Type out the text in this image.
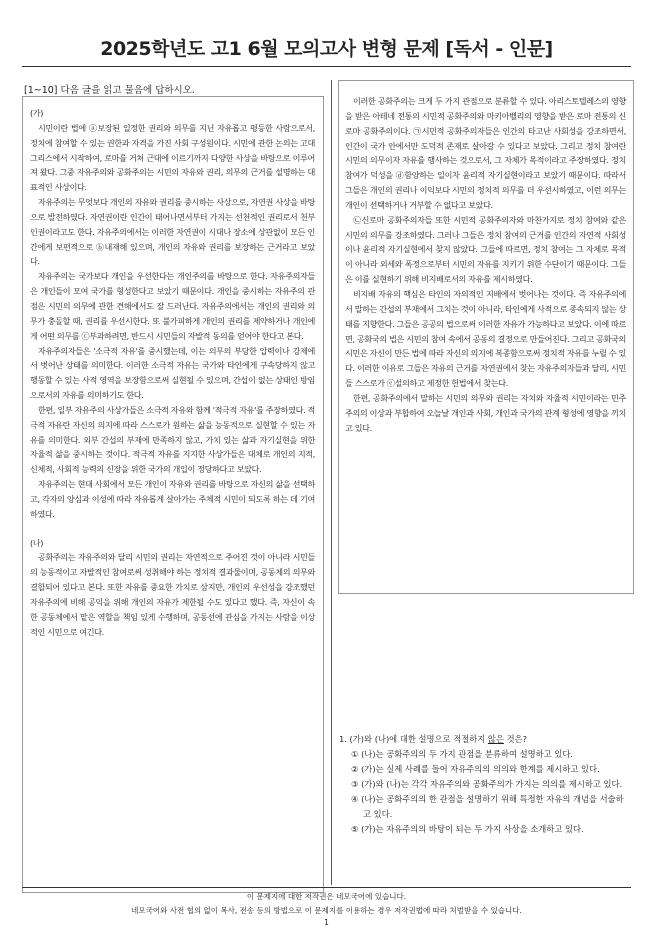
2025학년도 고1 6월 모의고사 변형 문제 [독서 - 인문]
[1~10] 다음 글을 읽고 물음에 답하시오.

(가)

시민이란 법에 ⓐ보장된 일정한 권리와 의무를 지닌 자유롭고 평등한 사람으로서, 정치에 참여할 수 있는 권한과 자격을 가진 사회 구성원이다. 시민에 관한 논의는 고대 그리스에서 시작하여, 로마를 거쳐 근대에 이르기까지 다양한 사상을 바탕으로 이루어져 왔다. 그중 자유주의와 공화주의는 시민의 자유와 권리, 의무의 근거를 설명하는 대표적인 사상이다.

자유주의는 무엇보다 개인의 자유와 권리를 중시하는 사상으로, 자연권 사상을 바탕으로 발전하였다. 자연권이란 인간이 태어나면서부터 가지는 선천적인 권리로서 천부인권이라고도 한다. 자유주의에서는 이러한 자연권이 시대나 장소에 상관없이 모든 인간에게 보편적으로 ⓑ내재해 있으며, 개인의 자유와 권리를 보장하는 근거라고 보았다.

자유주의는 국가보다 개인을 우선한다는 개인주의를 바탕으로 한다. 자유주의자들은 개인들이 모여 국가를 형성한다고 보았기 때문이다. 개인을 중시하는 자유주의 관점은 시민의 의무에 관한 견해에서도 잘 드러난다. 자유주의에서는 개인의 권리와 의무가 충돌할 때, 권리를 우선시한다. 또 불가피하게 개인의 권리를 제약하거나 개인에게 어떤 의무를 ⓒ부과하려면, 반드시 시민들의 자발적 동의를 얻어야 한다고 본다.

자유주의자들은 '소극적 자유'를 중시했는데, 이는 의무의 부당한 압력이나 강제에서 벗어난 상태를 의미한다. 이러한 소극적 자유는 국가와 타인에게 구속당하지 않고 행동할 수 있는 사적 영역을 보장함으로써 실현될 수 있으며, 간섭이 없는 상태인 방임으로서의 자유를 의미하기도 한다.

한편, 일부 자유주의 사상가들은 소극적 자유와 함께 '적극적 자유'를 주장하였다. 적극적 자유란 자신의 의지에 따라 스스로가 원하는 삶을 능동적으로 실현할 수 있는 자유를 의미한다. 외부 간섭의 부재에 만족하지 않고, 가치 있는 삶과 자기실현을 위한 자율적 삶을 중시하는 것이다. 적극적 자유를 지지한 사상가들은 대체로 개인의 지적, 신체적, 사회적 능력의 신장을 위한 국가의 개입이 정당하다고 보았다.

자유주의는 현대 사회에서 모든 개인이 자유와 권리를 바탕으로 자신의 삶을 선택하고, 각자의 양심과 이성에 따라 자유롭게 살아가는 주체적 시민이 되도록 하는 데 기여하였다.

(나)

공화주의는 자유주의와 달리 시민의 권리는 자연적으로 주어진 것이 아니라 시민들의 능동적이고 자발적인 참여로써 성취해야 하는 정치적 결과물이며, 공동체의 의무와 결합되어 있다고 본다. 또한 자유를 중요한 가치로 삼지만, 개인의 우선성을 강조했던 자유주의에 비해 공익을 위해 개인의 자유가 제한될 수도 있다고 했다. 즉, 자신이 속한 공동체에서 맡은 역할을 책임 있게 수행하며, 공동선에 관심을 가지는 사람을 이상적인 시민으로 여긴다.

이러한 공화주의는 크게 두 가지 관점으로 분류할 수 있다. 아리스토텔레스의 영향을 받은 아테네 전통의 시민적 공화주의와 마키아벨리의 영향을 받은 로마 전통의 신로마 공화주의이다. ㉠시민적 공화주의자들은 인간의 타고난 사회성을 강조하면서, 인간이 국가 안에서만 도덕적 존재로 살아갈 수 있다고 보았다. 그리고 정치 참여란 시민의 의무이자 자유를 행사하는 것으로서, 그 자체가 목적이라고 주장하였다. 정치 참여가 덕성을 ⓓ함양하는 일이자 윤리적 자기실현이라고 보았기 때문이다. 따라서 그들은 개인의 권리나 이익보다 시민의 정치적 의무를 더 우선시하였고, 이런 의무는 개인이 선택하거나 거부할 수 없다고 보았다.

㉡신로마 공화주의자들 또한 시민적 공화주의자와 마찬가지로 정치 참여와 같은 시민의 의무를 강조하였다. 그러나 그들은 정치 참여의 근거를 인간의 자연적 사회성이나 윤리적 자기실현에서 찾지 않았다. 그들에 따르면, 정치 참여는 그 자체로 목적이 아니라 외세와 폭정으로부터 시민의 자유를 지키기 위한 수단이기 때문이다. 그들은 이를 실현하기 위해 비지배로서의 자유를 제시하였다.

비지배 자유의 핵심은 타인의 자의적인 지배에서 벗어나는 것이다. 즉 자유주의에서 말하는 간섭의 부재에서 그치는 것이 아니라, 타인에게 사적으로 종속되지 않는 상태를 지향한다. 그들은 공공의 법으로써 이러한 자유가 가능하다고 보았다. 이에 따르면, 공화국의 법은 시민의 참여 속에서 공동의 결정으로 만들어진다. 그리고 공화국의 시민은 자신이 만든 법에 따라 자신의 의지에 복종함으로써 정치적 자유를 누릴 수 있다. 이러한 이유로 그들은 자유의 근거를 자연권에서 찾는 자유주의자들과 달리, 시민들 스스로가 ⓔ설의하고 제정한 헌법에서 찾는다.

한편, 공화주의에서 말하는 시민의 의무와 권리는 자치와 자율적 시민이라는 민주주의의 이상과 부합하여 오늘날 개인과 사회, 개인과 국가의 관계 형성에 영향을 끼치고 있다.

1. (가)와 (나)에 대한 설명으로 적절하지 않은 것은?

① (나)는 공화주의의 두 가지 관점을 분류하여 설명하고 있다.

② (가)는 실제 사례를 들어 자유주의의 의의와 한계를 제시하고 있다.

③ (가)와 (나)는 각각 자유주의와 공화주의가 가지는 의의를 제시하고 있다.

④ (나)는 공화주의의 한 관점을 설명하기 위해 특정한 자유의 개념을 서술하고 있다.

⑤ (가)는 자유주의의 바탕이 되는 두 가지 사상을 소개하고 있다.

이 문제지에 대한 저작권은 네모국어에 있습니다.
네모국어와 사전 협의 없이 복사, 전송 등의 방법으로 이 문제지를 이용하는 경우 저작권법에 따라 처벌받을 수 있습니다.
1
